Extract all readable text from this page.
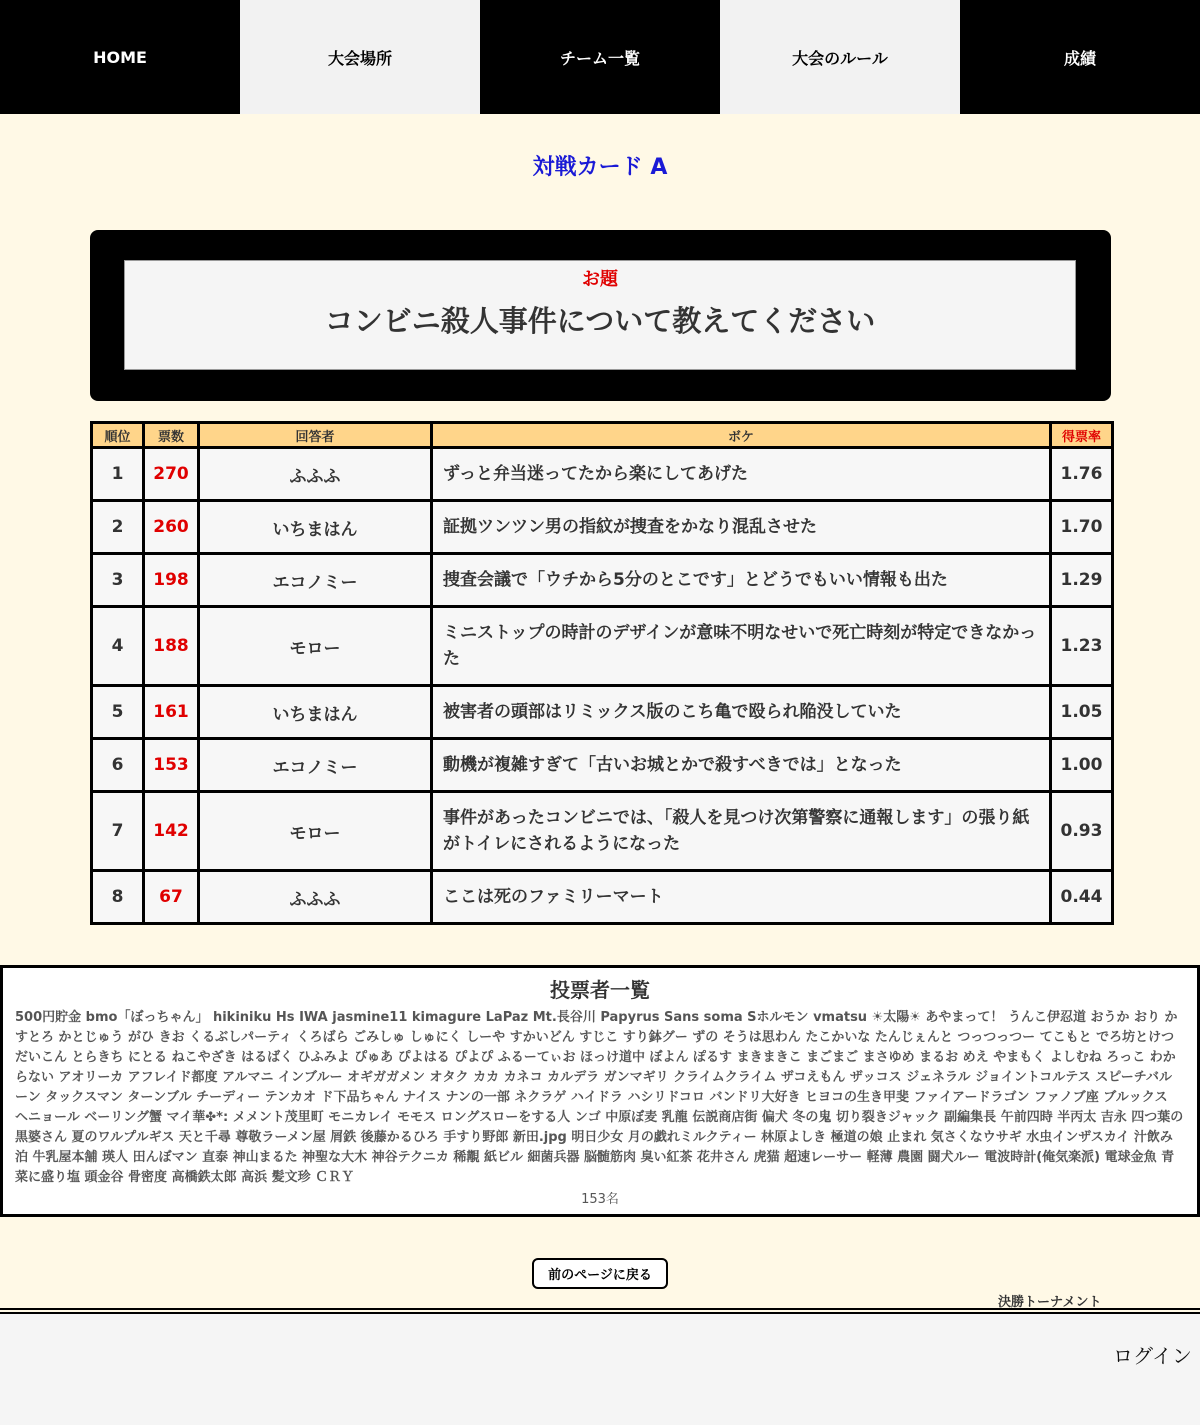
HOME	大会場所	チーム一覧	大会のルール	成績
対戦カード A
お題
コンビニ殺人事件について教えてください
順位	票数	回答者	ボケ	得票率
1	270	ふふふ	ずっと弁当迷ってたから楽にしてあげた	1.76
2	260	いちまはん	証拠ツンツン男の指紋が捜査をかなり混乱させた	1.70
3	198	エコノミー	捜査会議で「ウチから5分のとこです」とどうでもいい情報も出た	1.29
4	188	モロー	ミニストップの時計のデザインが意味不明なせいで死亡時刻が特定できなかった	1.23
5	161	いちまはん	被害者の頭部はリミックス版のこち亀で殴られ陥没していた	1.05
6	153	エコノミー	動機が複雑すぎて「古いお城とかで殺すべきでは」となった	1.00
7	142	モロー	事件があったコンビニでは、「殺人を見つけ次第警察に通報します」の張り紙がトイレにされるようになった	0.93
8	67	ふふふ	ここは死のファミリーマート	0.44
投票者一覧
500円貯金 bmo「ぼっちゃん」 hikiniku Hs IWA jasmine11 kimagure LaPaz Mt.長谷川 Papyrus Sans soma Sホルモン vmatsu ☀太陽☀ あやまって！ うんこ伊忍道 おうか おり かすとろ かとじゅう がひ きお くるぶしパーティ くろばら ごみしゅ しゅにく しーや すかいどん すじこ すり鉢グー ずの そうは思わん たこかいな たんじぇんと つっつっつー てこもと でろ坊とけつだいこん とらきち にとる ねこやざき はるばく ひふみよ ぴゅあ ぴよはる ぴよぴ ふるーてぃお ほっけ道中 ぼよん ぽるす まきまきこ まごまご まさゆめ まるお めえ やまもく よしむね ろっこ わからない アオリーカ アフレイド都度 アルマニ インブルー オギガガメン オタク カカ カネコ カルデラ ガンマギリ クライムクライム ザコえもん ザッコス ジェネラル ジョイントコルテス スピーチバルーン タックスマン ターンブル チーディー テンカオ ド下品ちゃん ナイス ナンの一部 ネクラゲ ハイドラ ハシリドコロ バンドリ大好き ヒヨコの生き甲斐 ファイアードラゴン ファノブ座 ブルックス ヘニョール ベーリング蟹 マイ華✤*: メメント茂里町 モニカレイ モモス ロングスローをする人 ンゴ 中原ぼ麦 乳龍 伝説商店街 偏犬 冬の鬼 切り裂きジャック 副編集長 午前四時 半丙太 吉永 四つ葉の黒婆さん 夏のワルプルギス 天と千尋 尊敬ラーメン屋 屑鉄 後藤かるひろ 手すり野郎 新田.jpg 明日少女 月の戯れミルクティー 林原よしき 極道の娘 止まれ 気さくなウサギ 水虫インザスカイ 汁飲み 泊 牛乳屋本舗 瑛人 田んぼマン 直泰 神山まるた 神聖な大木 神谷テクニカ 稀覯 紙ビル 細菌兵器 脳髄筋肉 臭い紅茶 花井さん 虎猫 超速レーサー 軽薄 農園 闘犬ルー 電波時計(俺気楽派) 電球金魚 青菜に盛り塩 頭金谷 骨密度 高橋鉄太郎 高浜 髪文珍 ＣＲＹ
153名
前のページに戻る
決勝トーナメント
ログイン
